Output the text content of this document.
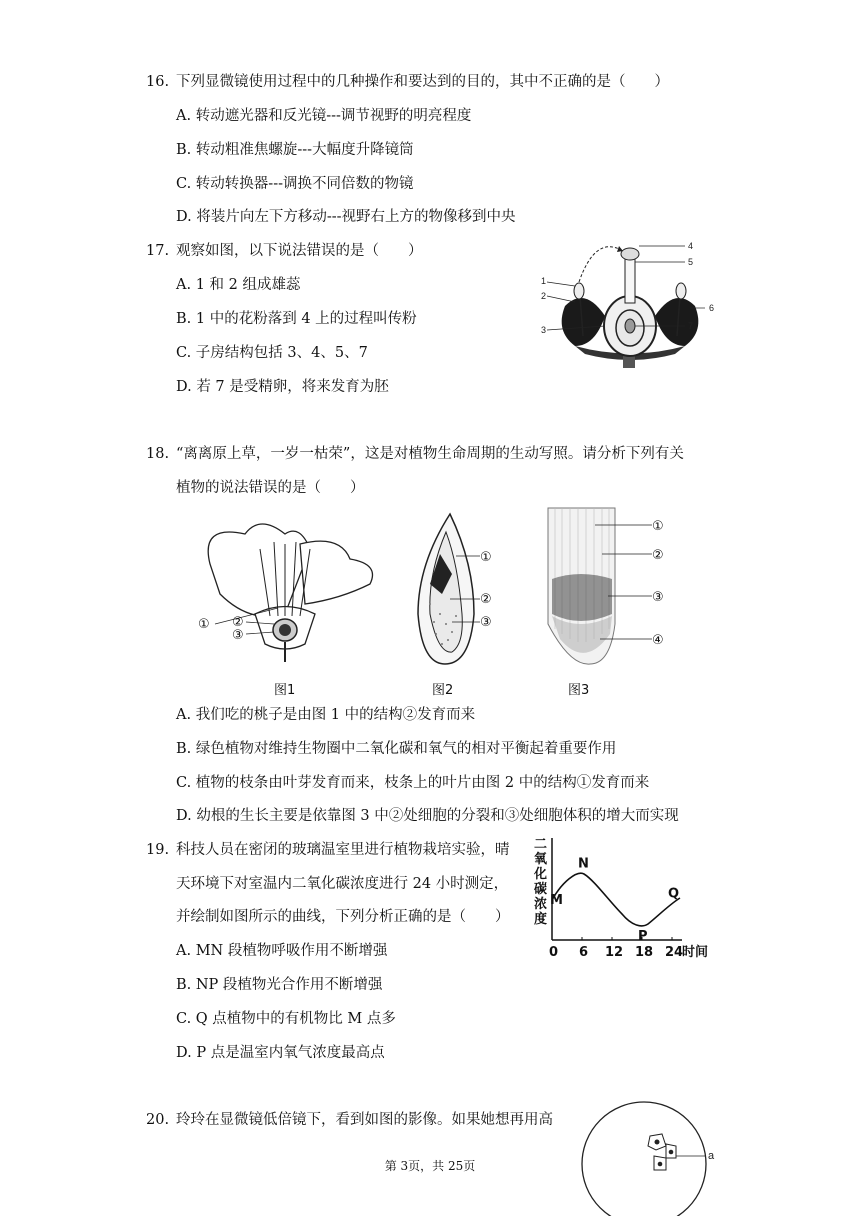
16. 下列显微镜使用过程中的几种操作和要达到的目的，其中不正确的是（　　）
A. 转动遮光器和反光镜---调节视野的明亮程度
B. 转动粗准焦螺旋---大幅度升降镜筒
C. 转动转换器---调换不同倍数的物镜
D. 将装片向左下方移动---视野右上方的物像移到中央
17. 观察如图，以下说法错误的是（　　）
A. 1 和 2 组成雄蕊
B. 1 中的花粉落到 4 上的过程叫传粉
C. 子房结构包括 3、4、5、7
D. 若 7 是受精卵，将来发育为胚
1
2
3
4
5
6
7
18. “离离原上草，一岁一枯荣”，这是对植物生命周期的生动写照。请分析下列有关
植物的说法错误的是（　　）
① ②
③
图1
①
②
③
图2
①
②
③
④
图3
A. 我们吃的桃子是由图 1 中的结构②发育而来
B. 绿色植物对维持生物圈中二氧化碳和氧气的相对平衡起着重要作用
C. 植物的枝条由叶芽发育而来，枝条上的叶片由图 2 中的结构①发育而来
D. 幼根的生长主要是依靠图 3 中②处细胞的分裂和③处细胞体积的增大而实现
19. 科技人员在密闭的玻璃温室里进行植物栽培实验，晴
天环境下对室温内二氧化碳浓度进行 24 小时测定，
并绘制如图所示的曲线，下列分析正确的是（　　）
A. MN 段植物呼吸作用不断增强
B. NP 段植物光合作用不断增强
C. Q 点植物中的有机物比 M 点多
D. P 点是温室内氧气浓度最高点
二
氧
化
碳
浓
度
0 6 12 18 24
M
N
P
Q
时间
20. 玲玲在显微镜低倍镜下，看到如图的影像。如果她想再用高
a
第 3页，共 25页
